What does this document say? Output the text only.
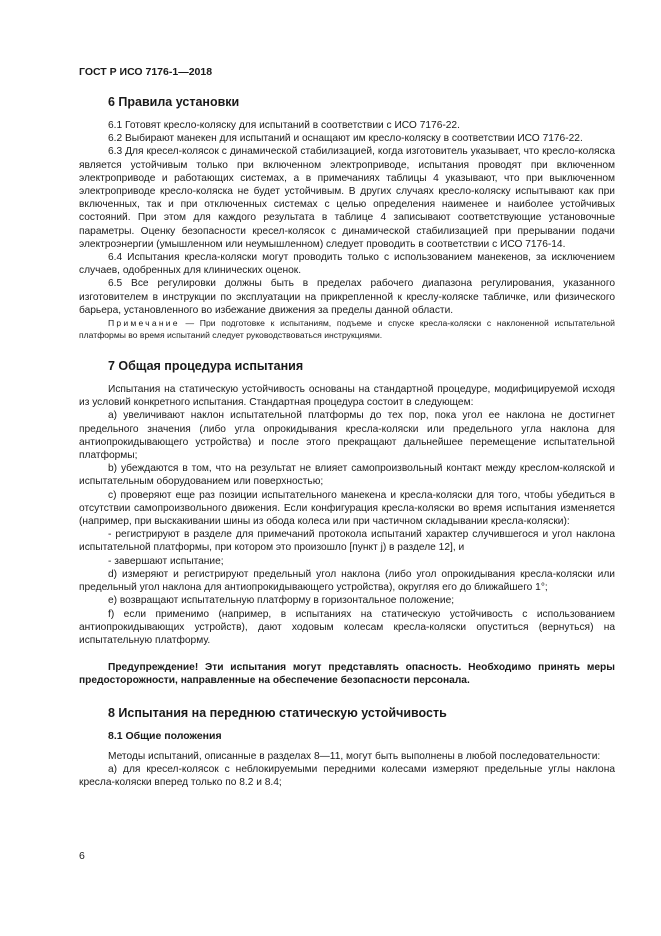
ГОСТ Р ИСО 7176-1—2018
6 Правила установки

6.1 Готовят кресло-коляску для испытаний в соответствии с ИСО 7176-22.

6.2 Выбирают манекен для испытаний и оснащают им кресло-коляску в соответствии ИСО 7176-22.

6.3 Для кресел-колясок с динамической стабилизацией, когда изготовитель указывает, что кресло-коляска является устойчивым только при включенном электроприводе, испытания проводят при включенном электроприводе и работающих системах, а в примечаниях таблицы 4 указывают, что при выключенном электроприводе кресло-коляска не будет устойчивым. В других случаях кресло-коляску испытывают как при включенных, так и при отключенных системах с целью определения наименее и наиболее устойчивых состояний. При этом для каждого результата в таблице 4 записывают соответствующие установочные параметры. Оценку безопасности кресел-колясок с динамической стабилизацией при прерывании подачи электроэнергии (умышленном или неумышленном) следует проводить в соответствии с ИСО 7176-14.

6.4 Испытания кресла-коляски могут проводить только с использованием манекенов, за исключением случаев, одобренных для клинических оценок.

6.5 Все регулировки должны быть в пределах рабочего диапазона регулирования, указанного изготовителем в инструкции по эксплуатации на прикрепленной к креслу-коляске табличке, или физического барьера, установленного во избежание движения за пределы данной области.

Примечание — При подготовке к испытаниям, подъеме и спуске кресла-коляски с наклоненной испытательной платформы во время испытаний следует руководствоваться инструкциями.

7 Общая процедура испытания

Испытания на статическую устойчивость основаны на стандартной процедуре, модифицируемой исходя из условий конкретного испытания. Стандартная процедура состоит в следующем:

a) увеличивают наклон испытательной платформы до тех пор, пока угол ее наклона не достигнет предельного значения (либо угла опрокидывания кресла-коляски или предельного угла наклона для антиопрокидывающего устройства) и после этого прекращают дальнейшее перемещение испытательной платформы;

b) убеждаются в том, что на результат не влияет самопроизвольный контакт между креслом-коляской и испытательным оборудованием или поверхностью;

c) проверяют еще раз позиции испытательного манекена и кресла-коляски для того, чтобы убедиться в отсутствии самопроизвольного движения. Если конфигурация кресла-коляски во время испытания изменяется (например, при выскакивании шины из обода колеса или при частичном складывании кресла-коляски):

- регистрируют в разделе для примечаний протокола испытаний характер случившегося и угол наклона испытательной платформы, при котором это произошло [пункт j) в разделе 12], и

- завершают испытание;

d) измеряют и регистрируют предельный угол наклона (либо угол опрокидывания кресла-коляски или предельный угол наклона для антиопрокидывающего устройства), округляя его до ближайшего 1°;

e) возвращают испытательную платформу в горизонтальное положение;

f) если применимо (например, в испытаниях на статическую устойчивость с использованием антиопрокидывающих устройств), дают ходовым колесам кресла-коляски опуститься (вернуться) на испытательную платформу.

Предупреждение! Эти испытания могут представлять опасность. Необходимо принять меры предосторожности, направленные на обеспечение безопасности персонала.

8 Испытания на переднюю статическую устойчивость
8.1 Общие положения

Методы испытаний, описанные в разделах 8—11, могут быть выполнены в любой последовательности:

a) для кресел-колясок с неблокируемыми передними колесами измеряют предельные углы наклона кресла-коляски вперед только по 8.2 и 8.4;

6
